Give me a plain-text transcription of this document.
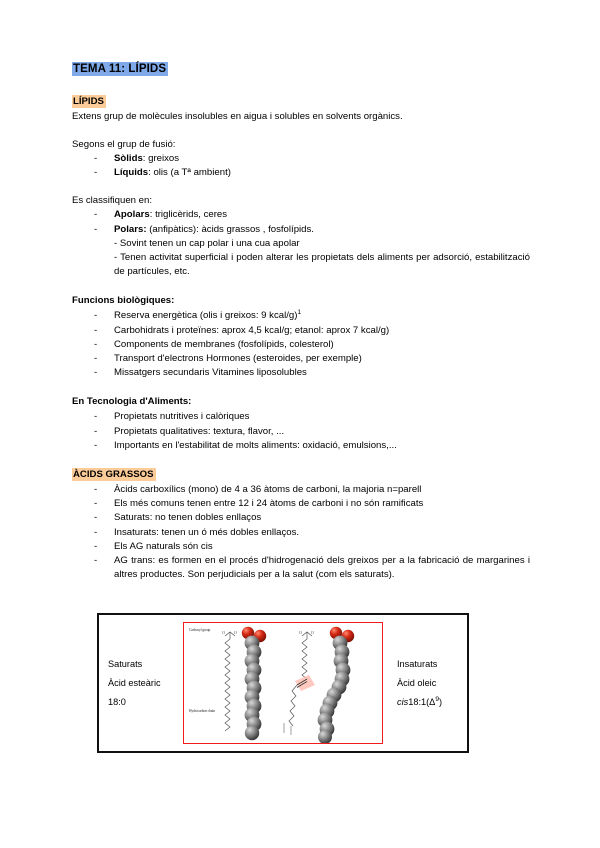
TEMA 11: LÍPIDS
LÍPIDS

Extens grup de molècules insolubles en aigua i solubles en solvents orgànics.

Segons el grup de fusió:

- Sòlids: greixos
- Líquids: olis (a Tª ambient)

Es classifiquen en:

- Apolars: triglicèrids, ceres
- Polars: (anfipàtics): àcids grassos , fosfolípids.

- Sovint tenen un cap polar i una cua apolar

- Tenen activitat superficial i poden alterar les propietats dels aliments per adsorció, estabilització de partícules, etc.

Funcions biològiques:
- Reserva energètica (olis i greixos: 9 kcal/g)$^1$
- Carbohidrats i proteïnes: aprox 4,5 kcal/g; etanol: aprox 7 kcal/g)
- Components de membranes (fosfolípids, colesterol)
- Transport d'electrons Hormones (esteroides, per exemple)
- Missatgers secundaris Vitamines liposolubles
En Tecnologia d'Aliments:
- Propietats nutritives i calòriques
- Propietats qualitatives: textura, flavor, ...
- Importants en l'estabilitat de molts aliments: oxidació, emulsions,...
ÀCIDS GRASSOS
- Àcids carboxílics (mono) de 4 a 36 àtoms de carboni, la majoria n=parell
- Els més comuns tenen entre 12 i 24 àtoms de carboni i no són ramificats
- Saturats: no tenen dobles enllaços
- Insaturats: tenen un ó més dobles enllaços.
- Els AG naturals són cis
- AG trans: es formen en el procés d'hidrogenació dels greixos per a la fabricació de margarines i altres productes. Son perjudicials per a la salut (com els saturats).
Saturats
Àcid esteàric
18:0
Carboxyl group
Hydrocarbon chain
O O	O O
Insaturats
Àcid oleic
$cis18:1(\Delta^9)$
